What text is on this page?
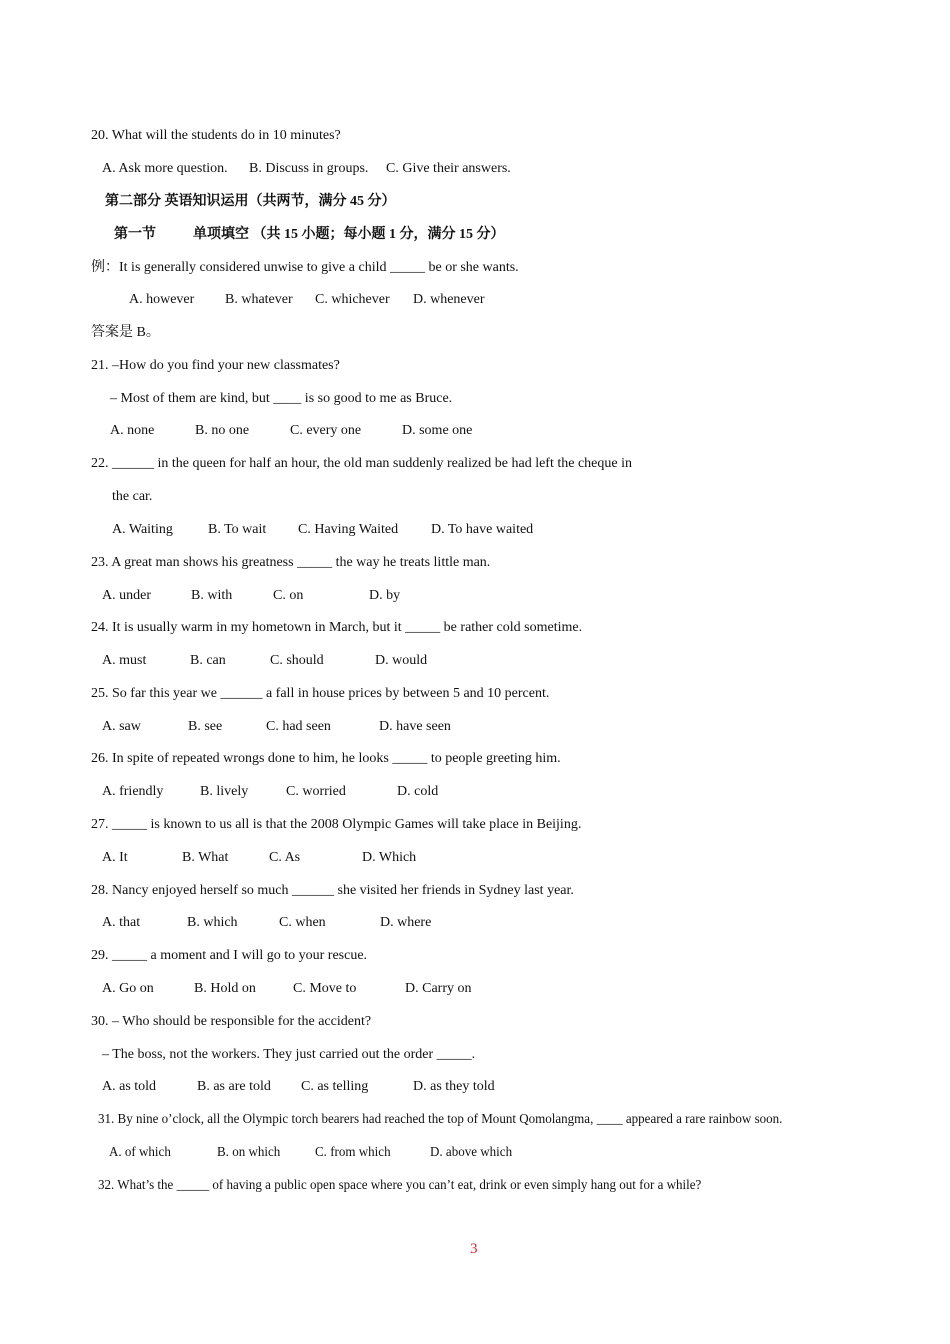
3
20. What will the students do in 10 minutes?
A. Ask more question. B. Discuss in groups. C. Give their answers.
第二部分 英语知识运用（共两节，满分 45 分）
第一节	单项填空 （共 15 小题；每小题 1 分，满分 15 分）
例：It is generally considered unwise to give a child _____ be or she wants.
A. however B. whatever C. whichever D. whenever
答案是 B。
21. –How do you find your new classmates?
– Most of them are kind, but ____ is so good to me as Bruce.
A. none	B. no one	C. every one	D. some one
22. ______ in the queen for half an hour, the old man suddenly realized be had left the cheque in
the car.
A. Waiting	B. To wait C. Having Waited D. To have waited
23. A great man shows his greatness _____ the way he treats little man.
A. under	B. with	C. on	D. by
24. It is usually warm in my hometown in March, but it _____ be rather cold sometime.
A. must	B. can	C. should	D. would
25. So far this year we ______ a fall in house prices by between 5 and 10 percent.
A. saw	B. see	C. had seen	D. have seen
26. In spite of repeated wrongs done to him, he looks _____ to people greeting him.
A. friendly	B. lively	C. worried	D. cold
27. _____ is known to us all is that the 2008 Olympic Games will take place in Beijing.
A. It	B. What	C. As	D. Which
28. Nancy enjoyed herself so much ______ she visited her friends in Sydney last year.
A. that	B. which	C. when	D. where
29. _____ a moment and I will go to your rescue.
A. Go on	B. Hold on	C. Move to	D. Carry on
30. – Who should be responsible for the accident?
– The boss, not the workers. They just carried out the order _____.
A. as told	B. as are told C. as telling	D. as they told
31. By nine o’clock, all the Olympic torch bearers had reached the top of Mount Qomolangma, ____ appeared a rare rainbow soon.
A. of which	B. on which C. from which	D. above which
32. What’s the _____ of having a public open space where you can’t eat, drink or even simply hang out for a while?
